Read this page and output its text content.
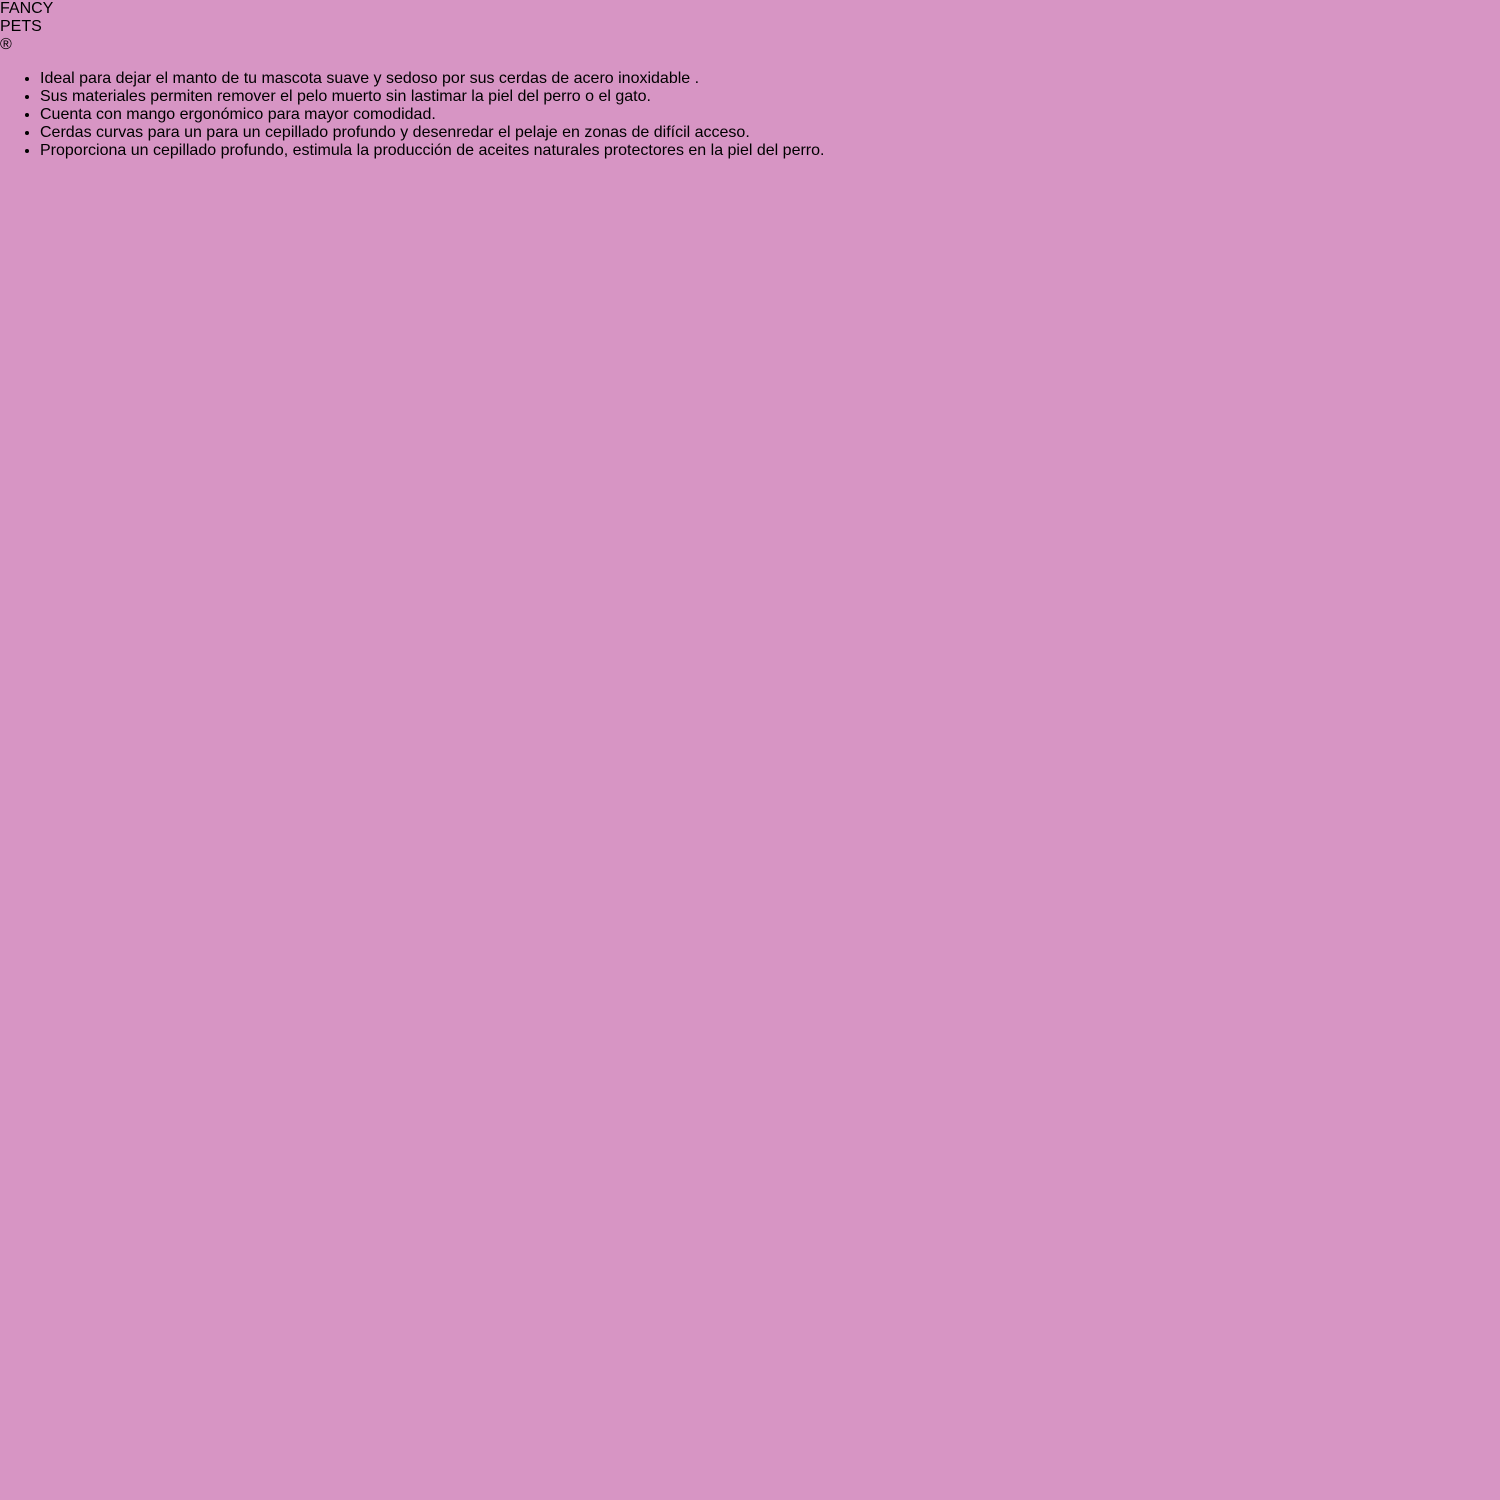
FANCY
PETS
®
• Ideal para dejar el manto de tu mascota suave y sedoso por sus cerdas de acero inoxidable .
• Sus materiales permiten remover el pelo muerto sin lastimar la piel del perro o el gato.
• Cuenta con mango ergonómico para mayor comodidad.
• Cerdas curvas para un para un cepillado profundo y desenredar el pelaje en zonas de difícil acceso.
• Proporciona un cepillado profundo, estimula la producción de aceites naturales protectores en la piel del perro.
